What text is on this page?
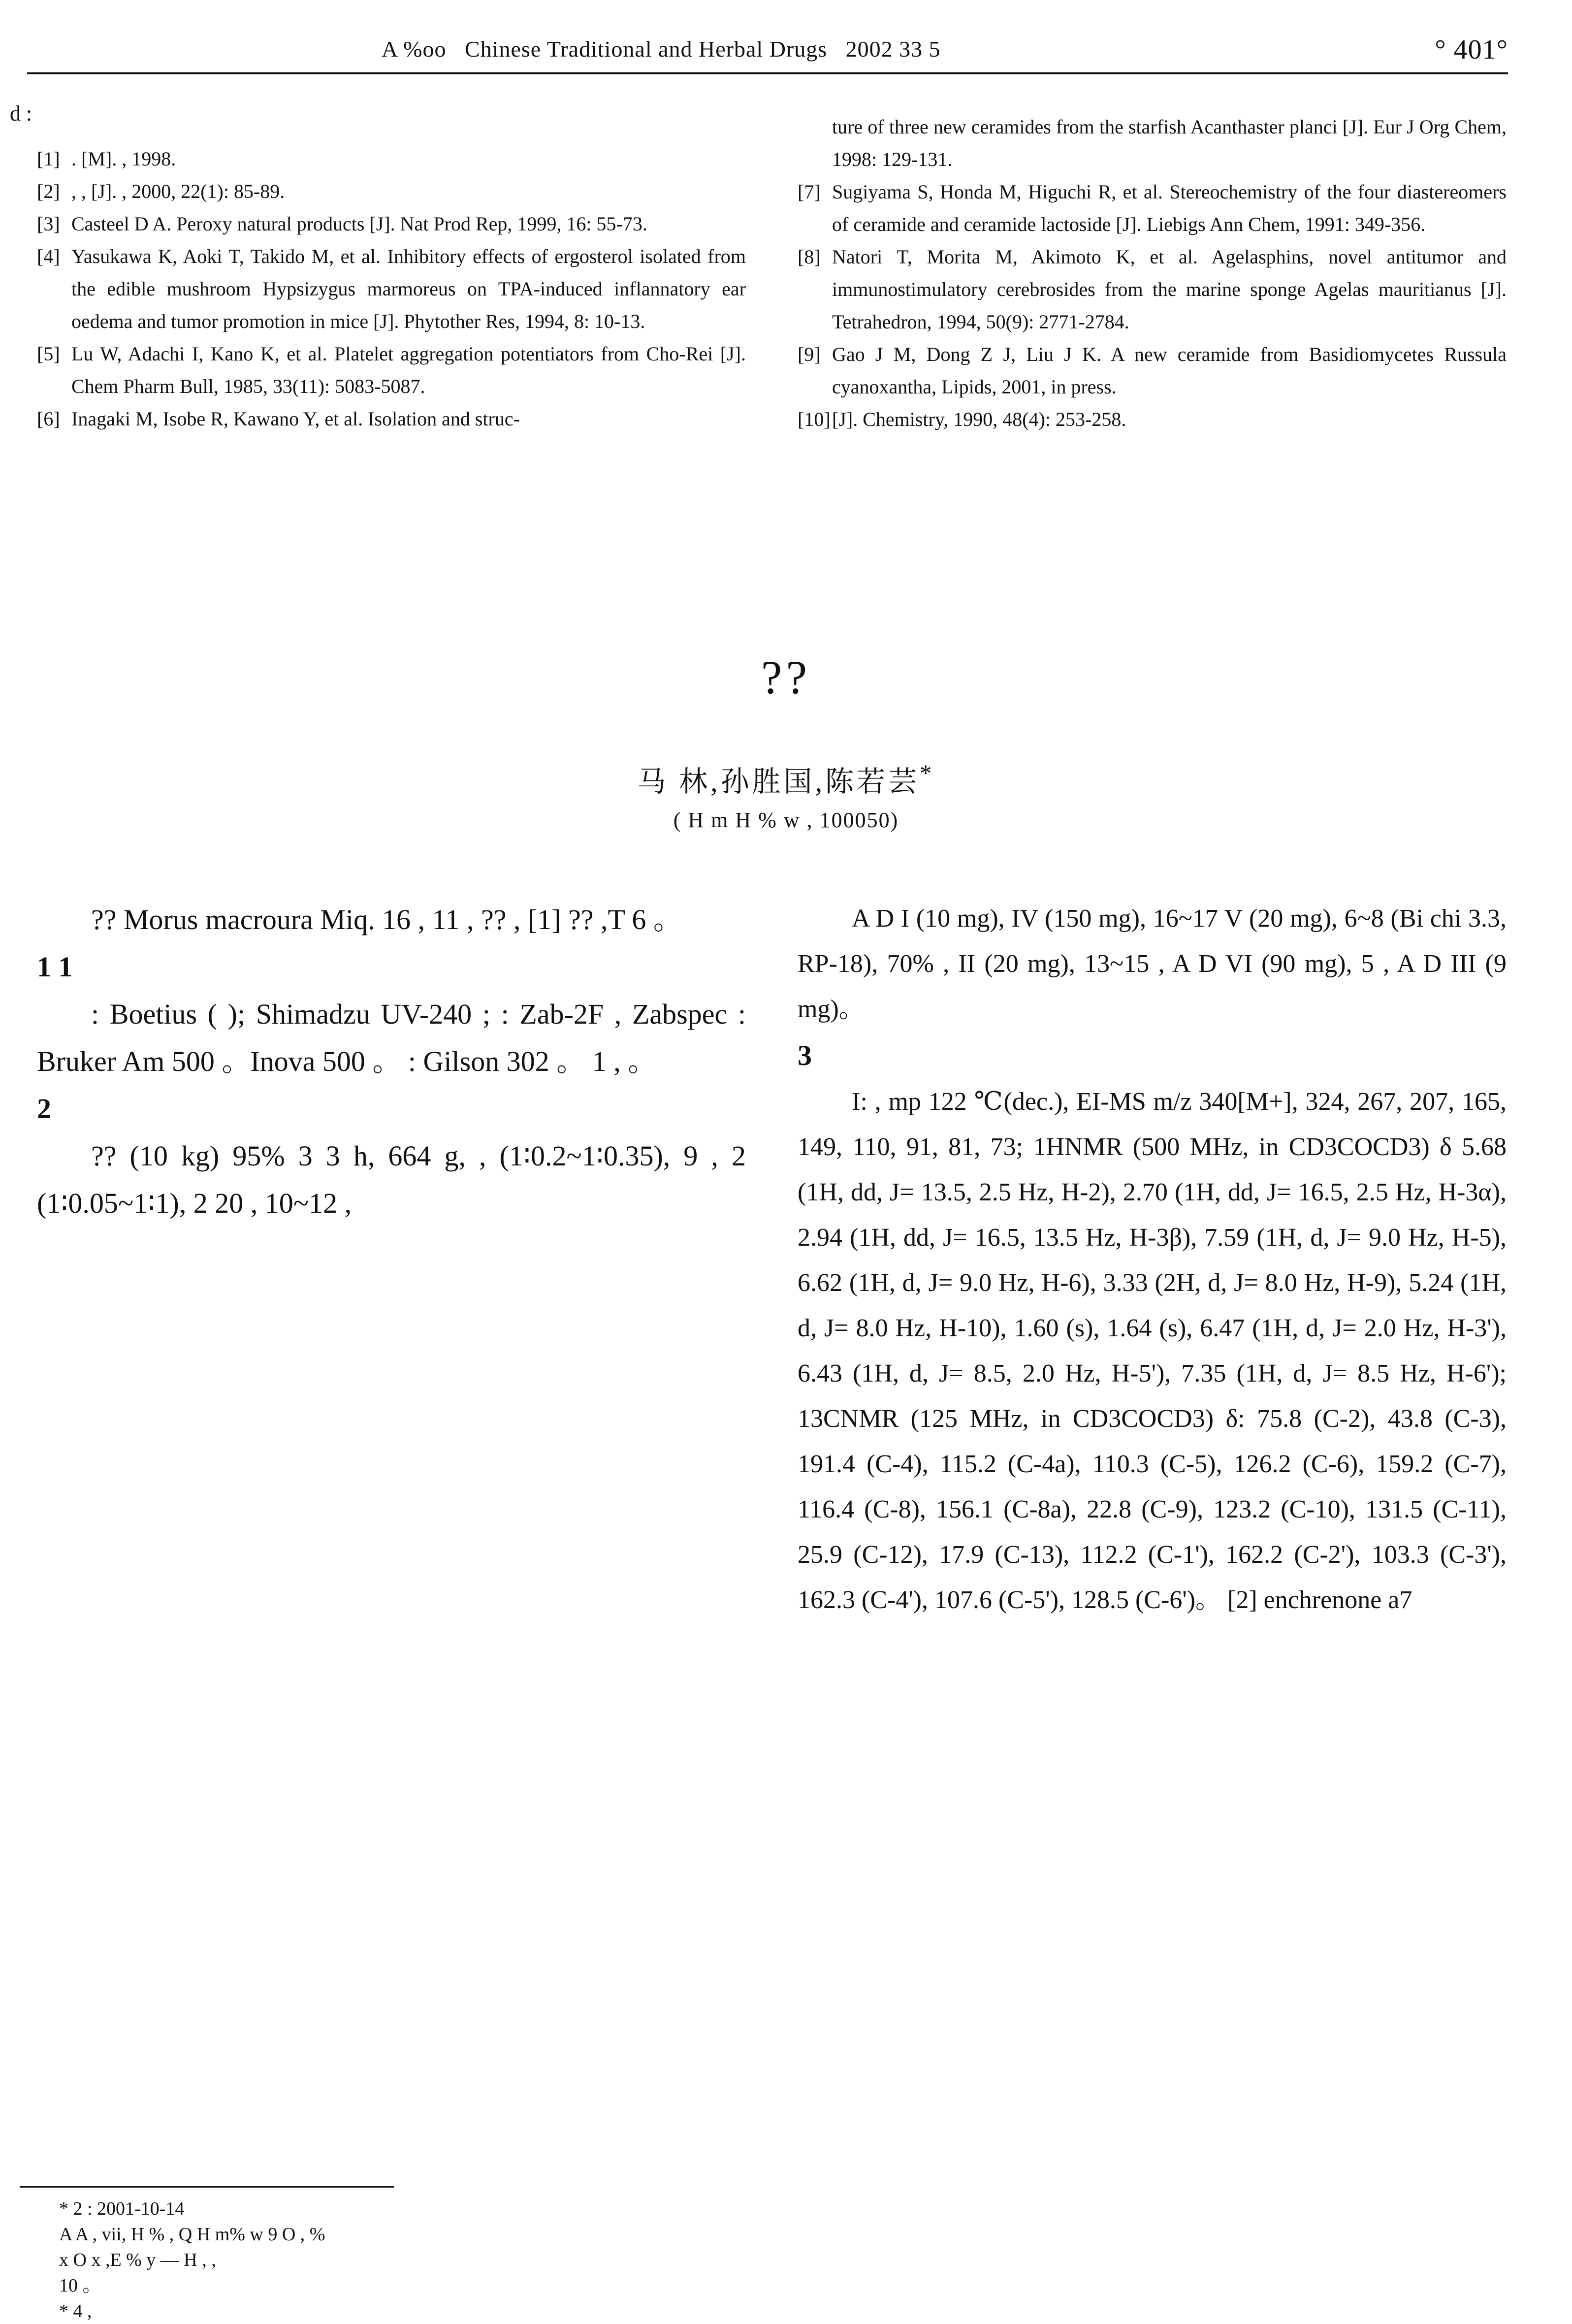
A %oo   Chinese Traditional and Herbal Drugs   2002 33 5	° 401°
d :

[1] . [M]. , 1998.

[2] , , [J]. , 2000, 22(1): 85-89.

[3] Casteel D A. Peroxy natural products [J]. Nat Prod Rep, 1999, 16: 55-73.

[4] Yasukawa K, Aoki T, Takido M, et al. Inhibitory effects of ergosterol isolated from the edible mushroom Hypsizygus marmoreus on TPA-induced inflannatory ear oedema and tumor promotion in mice [J]. Phytother Res, 1994, 8: 10-13.

[5] Lu W, Adachi I, Kano K, et al. Platelet aggregation potentiators from Cho-Rei [J]. Chem Pharm Bull, 1985, 33(11): 5083-5087.

[6] Inagaki M, Isobe R, Kawano Y, et al. Isolation and struc-

ture of three new ceramides from the starfish Acanthaster planci [J]. Eur J Org Chem, 1998: 129-131.

[7] Sugiyama S, Honda M, Higuchi R, et al. Stereochemistry of the four diastereomers of ceramide and ceramide lactoside [J]. Liebigs Ann Chem, 1991: 349-356.

[8] Natori T, Morita M, Akimoto K, et al. Agelasphins, novel antitumor and immunostimulatory cerebrosides from the marine sponge Agelas mauritianus [J]. Tetrahedron, 1994, 50(9): 2771-2784.

[9] Gao J M, Dong Z J, Liu J K. A new ceramide from Basidiomycetes Russula cyanoxantha, Lipids, 2001, in press.

[10] [J]. Chemistry, 1990, 48(4): 253-258.

??
马 林,孙胜国,陈若芸*
( H m H % w , 100050)

?? Morus macroura Miq. 16 , 11 , ?? , [1] ?? ,T 6 。

1 1

: Boetius ( ); Shimadzu UV-240 ; : Zab-2F , Zabspec : Bruker Am 500 。Inova 500 。 : Gilson 302 。 1 , 。

2

?? (10 kg) 95% 3 3 h, 664 g, , (1∶0.2~1∶0.35), 9 , 2 (1∶0.05~1∶1), 2 20 , 10~12 ,

A D I (10 mg), IV (150 mg), 16~17 V (20 mg), 6~8 (Bi chi 3.3, RP-18), 70% , II (20 mg), 13~15 , A D VI (90 mg), 5 , A D III (9 mg)。

3

I: , mp 122 ℃(dec.), EI-MS m/z 340[M+], 324, 267, 207, 165, 149, 110, 91, 81, 73; 1HNMR (500 MHz, in CD3COCD3) δ 5.68 (1H, dd, J= 13.5, 2.5 Hz, H-2), 2.70 (1H, dd, J= 16.5, 2.5 Hz, H-3α), 2.94 (1H, dd, J= 16.5, 13.5 Hz, H-3β), 7.59 (1H, d, J= 9.0 Hz, H-5), 6.62 (1H, d, J= 9.0 Hz, H-6), 3.33 (2H, d, J= 8.0 Hz, H-9), 5.24 (1H, d, J= 8.0 Hz, H-10), 1.60 (s), 1.64 (s), 6.47 (1H, d, J= 2.0 Hz, H-3'), 6.43 (1H, d, J= 8.5, 2.0 Hz, H-5'), 7.35 (1H, d, J= 8.5 Hz, H-6'); 13CNMR (125 MHz, in CD3COCD3) δ: 75.8 (C-2), 43.8 (C-3), 191.4 (C-4), 115.2 (C-4a), 110.3 (C-5), 126.2 (C-6), 159.2 (C-7), 116.4 (C-8), 156.1 (C-8a), 22.8 (C-9), 123.2 (C-10), 131.5 (C-11), 25.9 (C-12), 17.9 (C-13), 112.2 (C-1'), 162.2 (C-2'), 103.3 (C-3'), 162.3 (C-4'), 107.6 (C-5'), 128.5 (C-6')。 [2] enchrenone a7

* 2 : 2001-10-14

A A , vii, H % , Q H m% w 9 O , %

x O x ,E % y — H , ,

10 。

* 4 ,
